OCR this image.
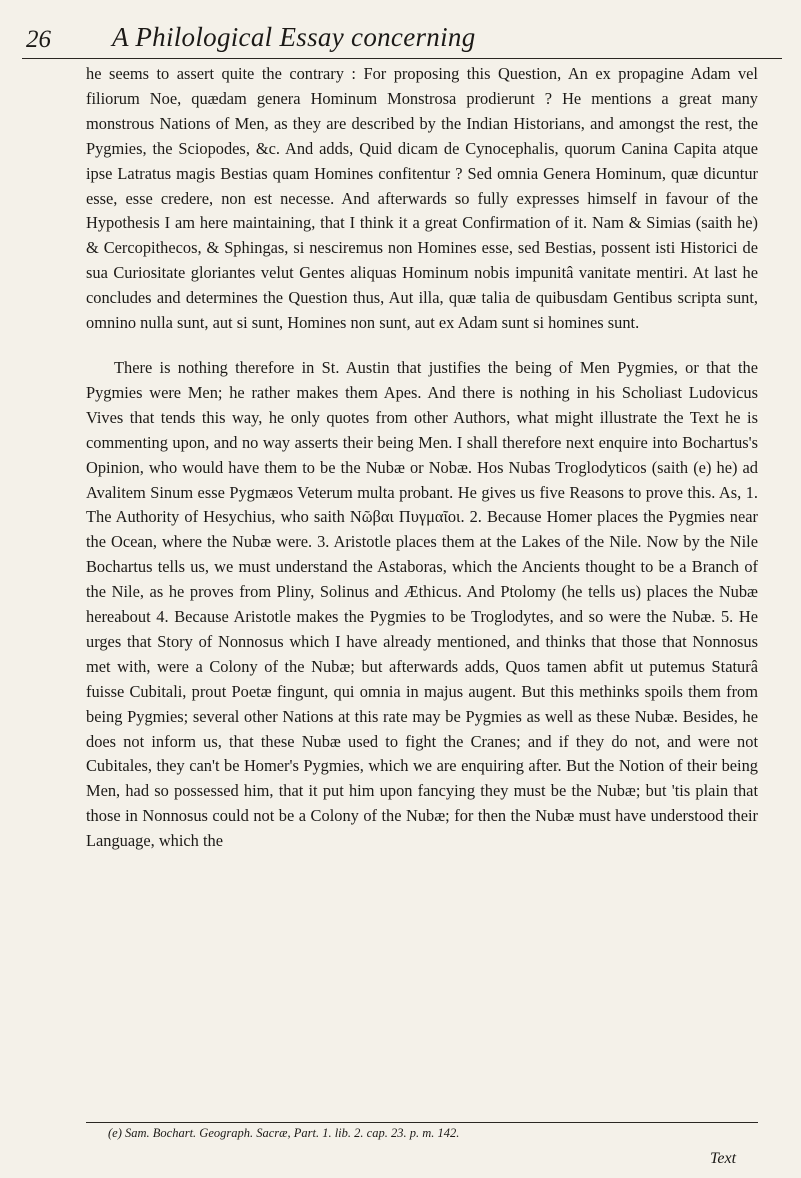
26 A Philological Essay concerning

he seems to assert quite the contrary : For proposing this Question, An ex propagine Adam vel filiorum Noe, quædam genera Hominum Monstrosa prodierunt ? He mentions a great many monstrous Nations of Men, as they are described by the Indian Historians, and amongst the rest, the Pygmies, the Sciopodes, &c. And adds, Quid dicam de Cynocephalis, quorum Canina Capita atque ipse Latratus magis Bestias quam Homines confitentur ? Sed omnia Genera Hominum, quæ dicuntur esse, esse credere, non est necesse. And afterwards so fully expresses himself in favour of the Hypothesis I am here maintaining, that I think it a great Confirmation of it. Nam & Simias (saith he) & Cercopithecos, & Sphingas, si nesciremus non Homines esse, sed Bestias, possent isti Historici de sua Curiositate gloriantes velut Gentes aliquas Hominum nobis impunitâ vanitate mentiri. At last he concludes and determines the Question thus, Aut illa, quæ talia de quibusdam Gentibus scripta sunt, omnino nulla sunt, aut si sunt, Homines non sunt, aut ex Adam sunt si homines sunt.

There is nothing therefore in St. Austin that justifies the being of Men Pygmies, or that the Pygmies were Men; he rather makes them Apes. And there is nothing in his Scholiast Ludovicus Vives that tends this way, he only quotes from other Authors, what might illustrate the Text he is commenting upon, and no way asserts their being Men. I shall therefore next enquire into Bochartus's Opinion, who would have them to be the Nubæ or Nobæ. Hos Nubas Troglodyticos (saith (e) he) ad Avalitem Sinum esse Pygmæos Veterum multa probant. He gives us five Reasons to prove this. As, 1. The Authority of Hesychius, who saith Νῶβαι Πυγμαῖοι. 2. Because Homer places the Pygmies near the Ocean, where the Nubæ were. 3. Aristotle places them at the Lakes of the Nile. Now by the Nile Bochartus tells us, we must understand the Astaboras, which the Ancients thought to be a Branch of the Nile, as he proves from Pliny, Solinus and Æthicus. And Ptolomy (he tells us) places the Nubæ hereabout 4. Because Aristotle makes the Pygmies to be Troglodytes, and so were the Nubæ. 5. He urges that Story of Nonnosus which I have already mentioned, and thinks that those that Nonnosus met with, were a Colony of the Nubæ; but afterwards adds, Quos tamen abfit ut putemus Staturâ fuisse Cubitali, prout Poetæ fingunt, qui omnia in majus augent. But this methinks spoils them from being Pygmies; several other Nations at this rate may be Pygmies as well as these Nubæ. Besides, he does not inform us, that these Nubæ used to fight the Cranes; and if they do not, and were not Cubitales, they can't be Homer's Pygmies, which we are enquiring after. But the Notion of their being Men, had so possessed him, that it put him upon fancying they must be the Nubæ; but 'tis plain that those in Nonnosus could not be a Colony of the Nubæ; for then the Nubæ must have understood their Language, which the

(e) Sam. Bochart. Geograph. Sacræ, Part. 1. lib. 2. cap. 23. p. m. 142.
Text
